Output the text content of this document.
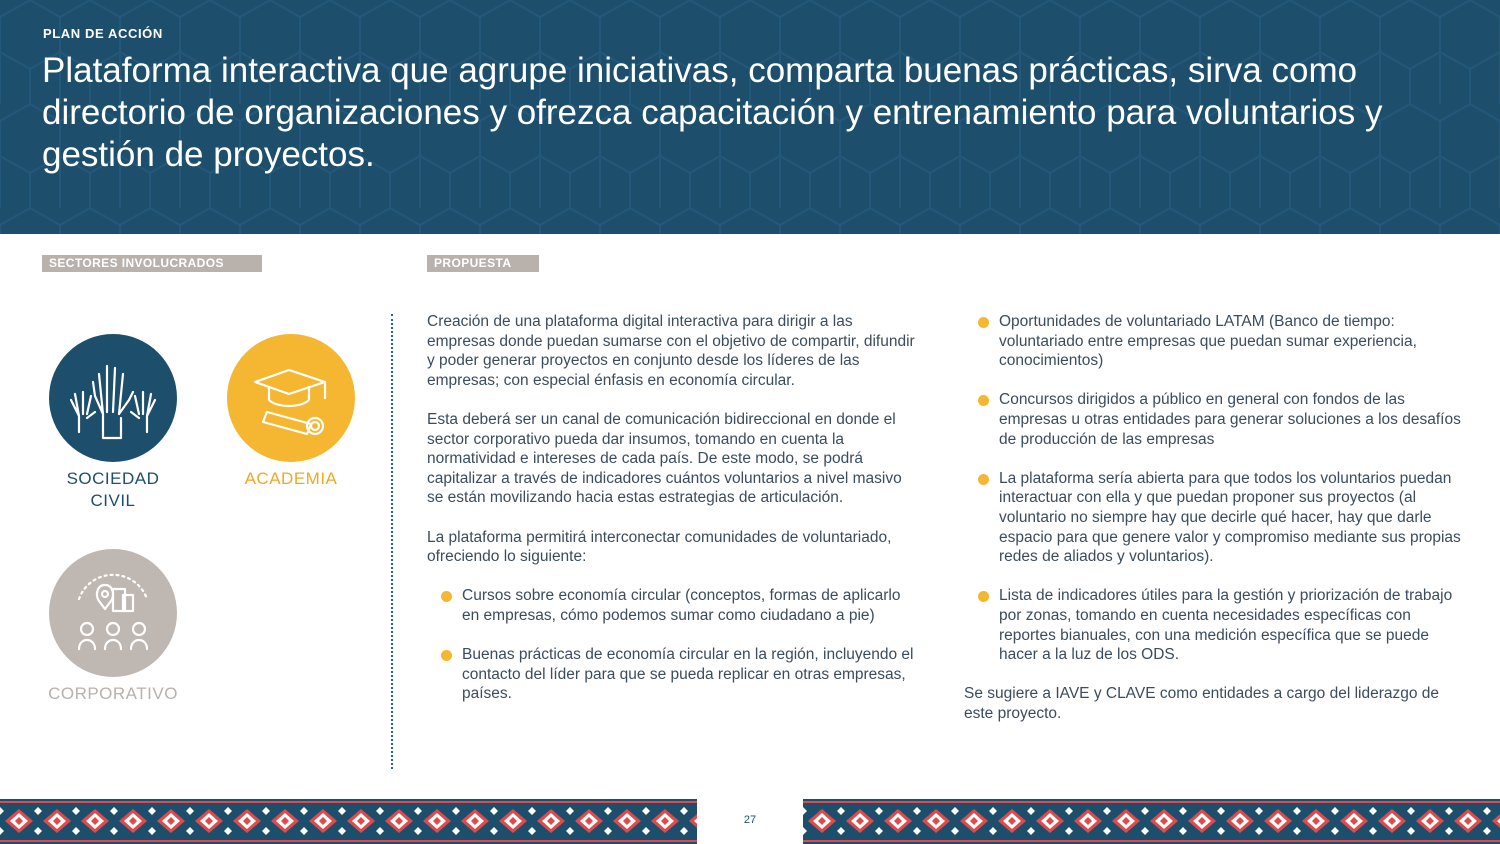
PLAN DE ACCIÓN
Plataforma interactiva que agrupe iniciativas, comparta buenas prácticas, sirva como directorio de organizaciones y ofrezca capacitación y entrenamiento para voluntarios y gestión de proyectos.
SECTORES INVOLUCRADOS	PROPUESTA
SOCIEDAD
CIVIL
ACADEMIA
CORPORATIVO

Creación de una plataforma digital interactiva para dirigir a las empresas donde puedan sumarse con el objetivo de compartir, difundir y poder generar proyectos en conjunto desde los líderes de las empresas; con especial énfasis en economía circular.

Esta deberá ser un canal de comunicación bidireccional en donde el sector corporativo pueda dar insumos, tomando en cuenta la normatividad e intereses de cada país. De este modo, se podrá capitalizar a través de indicadores cuántos voluntarios a nivel masivo se están movilizando hacia estas estrategias de articulación.

La plataforma permitirá interconectar comunidades de voluntariado, ofreciendo lo siguiente:

Cursos sobre economía circular (conceptos, formas de aplicarlo en empresas, cómo podemos sumar como ciudadano a pie)
Buenas prácticas de economía circular en la región, incluyendo el contacto del líder para que se pueda replicar en otras empresas, países.
Oportunidades de voluntariado LATAM (Banco de tiempo: voluntariado entre empresas que puedan sumar experiencia, conocimientos)
Concursos dirigidos a público en general con fondos de las empresas u otras entidades para generar soluciones a los desafíos de producción de las empresas
La plataforma sería abierta para que todos los voluntarios puedan interactuar con ella y que puedan proponer sus proyectos (al voluntario no siempre hay que decirle qué hacer, hay que darle espacio para que genere valor y compromiso mediante sus propias redes de aliados y voluntarios).
Lista de indicadores útiles para la gestión y priorización de trabajo por zonas, tomando en cuenta necesidades específicas con reportes bianuales, con una medición específica que se puede hacer a la luz de los ODS.

Se sugiere a IAVE y CLAVE como entidades a cargo del liderazgo de este proyecto.

27
